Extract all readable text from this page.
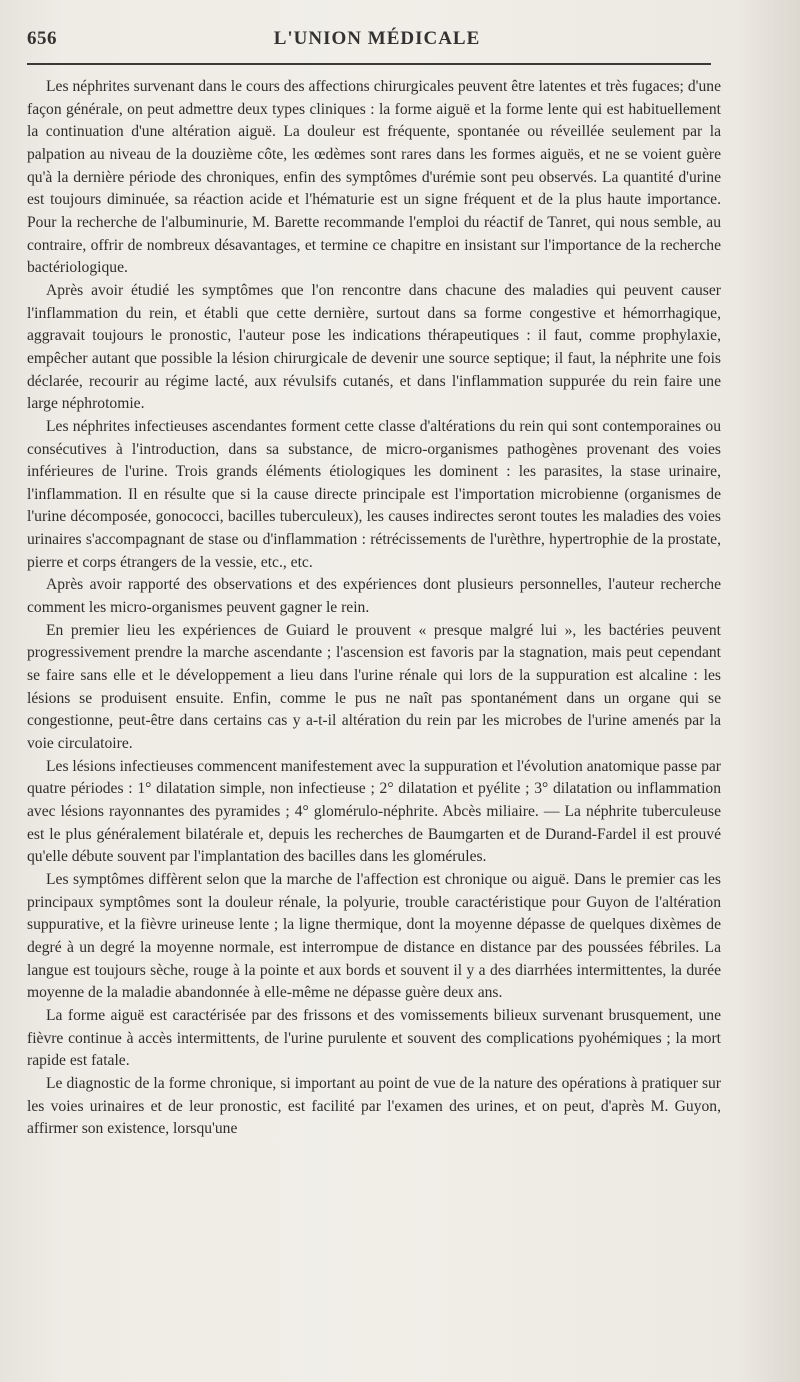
656	L'UNION MÉDICALE

Les néphrites survenant dans le cours des affections chirurgicales peuvent être latentes et très fugaces; d'une façon générale, on peut admettre deux types cliniques : la forme aiguë et la forme lente qui est habituellement la continuation d'une altération aiguë. La douleur est fréquente, spontanée ou réveillée seulement par la palpation au niveau de la douzième côte, les œdèmes sont rares dans les formes aiguës, et ne se voient guère qu'à la dernière période des chroniques, enfin des symptômes d'urémie sont peu observés. La quantité d'urine est toujours diminuée, sa réaction acide et l'hématurie est un signe fréquent et de la plus haute importance. Pour la recherche de l'albuminurie, M. Barette recommande l'emploi du réactif de Tanret, qui nous semble, au contraire, offrir de nombreux désavantages, et termine ce chapitre en insistant sur l'importance de la recherche bactériologique.

Après avoir étudié les symptômes que l'on rencontre dans chacune des maladies qui peuvent causer l'inflammation du rein, et établi que cette dernière, surtout dans sa forme congestive et hémorrhagique, aggravait toujours le pronostic, l'auteur pose les indications thérapeutiques : il faut, comme prophylaxie, empêcher autant que possible la lésion chirurgicale de devenir une source septique; il faut, la néphrite une fois déclarée, recourir au régime lacté, aux révulsifs cutanés, et dans l'inflammation suppurée du rein faire une large néphrotomie.

Les néphrites infectieuses ascendantes forment cette classe d'altérations du rein qui sont contemporaines ou consécutives à l'introduction, dans sa substance, de micro-organismes pathogènes provenant des voies inférieures de l'urine. Trois grands éléments étiologiques les dominent : les parasites, la stase urinaire, l'inflammation. Il en résulte que si la cause directe principale est l'importation microbienne (organismes de l'urine décomposée, gonococci, bacilles tuberculeux), les causes indirectes seront toutes les maladies des voies urinaires s'accompagnant de stase ou d'inflammation : rétrécissements de l'urèthre, hypertrophie de la prostate, pierre et corps étrangers de la vessie, etc., etc.

Après avoir rapporté des observations et des expériences dont plusieurs personnelles, l'auteur recherche comment les micro-organismes peuvent gagner le rein.

En premier lieu les expériences de Guiard le prouvent « presque malgré lui », les bactéries peuvent progressivement prendre la marche ascendante ; l'ascension est favoris par la stagnation, mais peut cependant se faire sans elle et le développement a lieu dans l'urine rénale qui lors de la suppuration est alcaline : les lésions se produisent ensuite. Enfin, comme le pus ne naît pas spontanément dans un organe qui se congestionne, peut-être dans certains cas y a-t-il altération du rein par les microbes de l'urine amenés par la voie circulatoire.

Les lésions infectieuses commencent manifestement avec la suppuration et l'évolution anatomique passe par quatre périodes : 1° dilatation simple, non infectieuse ; 2° dilatation et pyélite ; 3° dilatation ou inflammation avec lésions rayonnantes des pyramides ; 4° glomérulo-néphrite. Abcès miliaire. — La néphrite tuberculeuse est le plus généralement bilatérale et, depuis les recherches de Baumgarten et de Durand-Fardel il est prouvé qu'elle débute souvent par l'implantation des bacilles dans les glomérules.

Les symptômes diffèrent selon que la marche de l'affection est chronique ou aiguë. Dans le premier cas les principaux symptômes sont la douleur rénale, la polyurie, trouble caractéristique pour Guyon de l'altération suppurative, et la fièvre urineuse lente ; la ligne thermique, dont la moyenne dépasse de quelques dixèmes de degré à un degré la moyenne normale, est interrompue de distance en distance par des poussées fébriles. La langue est toujours sèche, rouge à la pointe et aux bords et souvent il y a des diarrhées intermittentes, la durée moyenne de la maladie abandonnée à elle-même ne dépasse guère deux ans.

La forme aiguë est caractérisée par des frissons et des vomissements bilieux survenant brusquement, une fièvre continue à accès intermittents, de l'urine purulente et souvent des complications pyohémiques ; la mort rapide est fatale.

Le diagnostic de la forme chronique, si important au point de vue de la nature des opérations à pratiquer sur les voies urinaires et de leur pronostic, est facilité par l'examen des urines, et on peut, d'après M. Guyon, affirmer son existence, lorsqu'une
